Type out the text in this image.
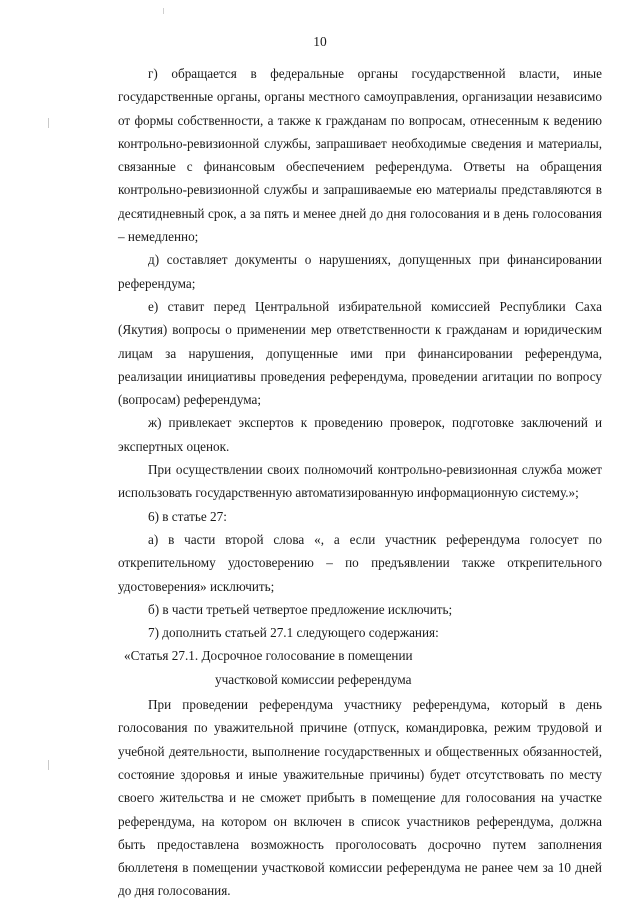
10

г) обращается в федеральные органы государственной власти, иные государственные органы, органы местного самоуправления, организации независимо от формы собственности, а также к гражданам по вопросам, отнесенным к ведению контрольно-ревизионной службы, запрашивает необходимые сведения и материалы, связанные с финансовым обеспечением референдума. Ответы на обращения контрольно-ревизионной службы и запрашиваемые ею материалы представляются в десятидневный срок, а за пять и менее дней до дня голосования и в день голосования – немедленно;

д) составляет документы о нарушениях, допущенных при финансировании референдума;

е) ставит перед Центральной избирательной комиссией Республики Саха (Якутия) вопросы о применении мер ответственности к гражданам и юридическим лицам за нарушения, допущенные ими при финансировании референдума, реализации инициативы проведения референдума, проведении агитации по вопросу (вопросам) референдума;

ж) привлекает экспертов к проведению проверок, подготовке заключений и экспертных оценок.

При осуществлении своих полномочий контрольно-ревизионная служба может использовать государственную автоматизированную информационную систему.»;

6) в статье 27:

а) в части второй слова «, а если участник референдума голосует по открепительному удостоверению – по предъявлении также открепительного удостоверения» исключить;

б) в части третьей четвертое предложение исключить;

7) дополнить статьей 27.1 следующего содержания:

«Статья 27.1. Досрочное голосование в помещении

участковой комиссии референдума

При проведении референдума участнику референдума, который в день голосования по уважительной причине (отпуск, командировка, режим трудовой и учебной деятельности, выполнение государственных и общественных обязанностей, состояние здоровья и иные уважительные причины) будет отсутствовать по месту своего жительства и не сможет прибыть в помещение для голосования на участке референдума, на котором он включен в список участников референдума, должна быть предоставлена возможность проголосовать досрочно путем заполнения бюллетеня в помещении участковой комиссии референдума не ранее чем за 10 дней до дня голосования.
